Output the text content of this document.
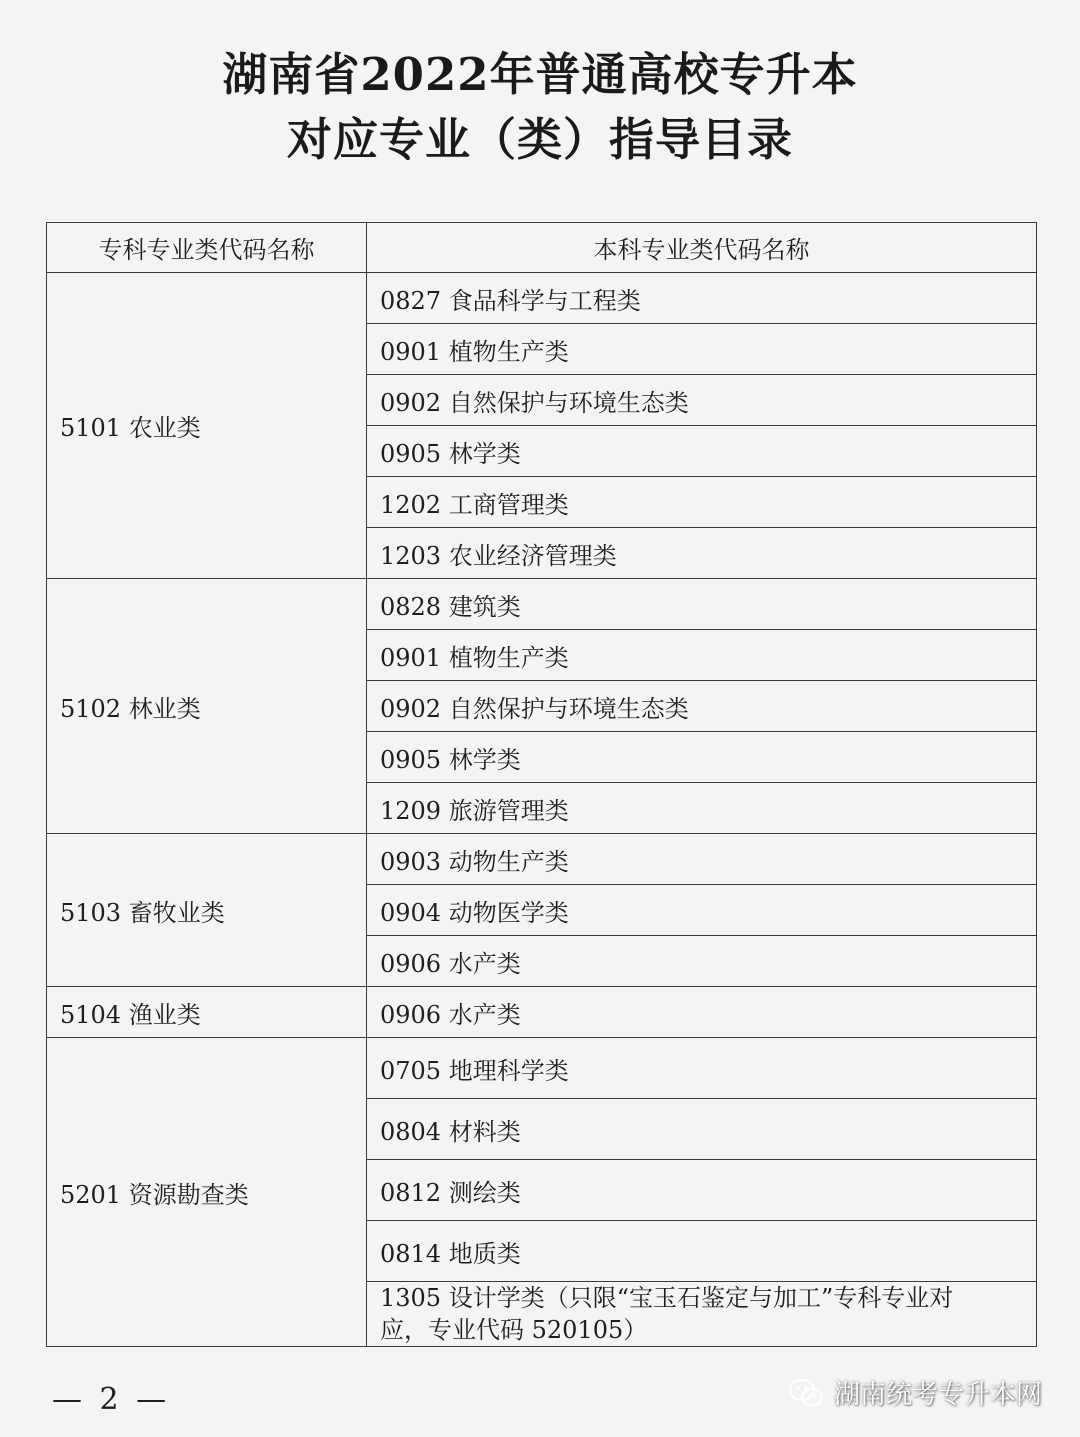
湖南省2022年普通高校专升本
对应专业（类）指导目录
专科专业类代码名称	本科专业类代码名称
5101 农业类	0827 食品科学与工程类
	0901 植物生产类
	0902 自然保护与环境生态类
	0905 林学类
	1202 工商管理类
	1203 农业经济管理类
5102 林业类	0828 建筑类
	0901 植物生产类
	0902 自然保护与环境生态类
	0905 林学类
	1209 旅游管理类
5103 畜牧业类	0903 动物生产类
	0904 动物医学类
	0906 水产类
5104 渔业类	0906 水产类
5201 资源勘查类	0705 地理科学类
	0804 材料类
	0812 测绘类
	0814 地质类
	1305 设计学类（只限“宝玉石鉴定与加工”专科专业对应，专业代码 520105）
— 2 —	湖南统考专升本网
